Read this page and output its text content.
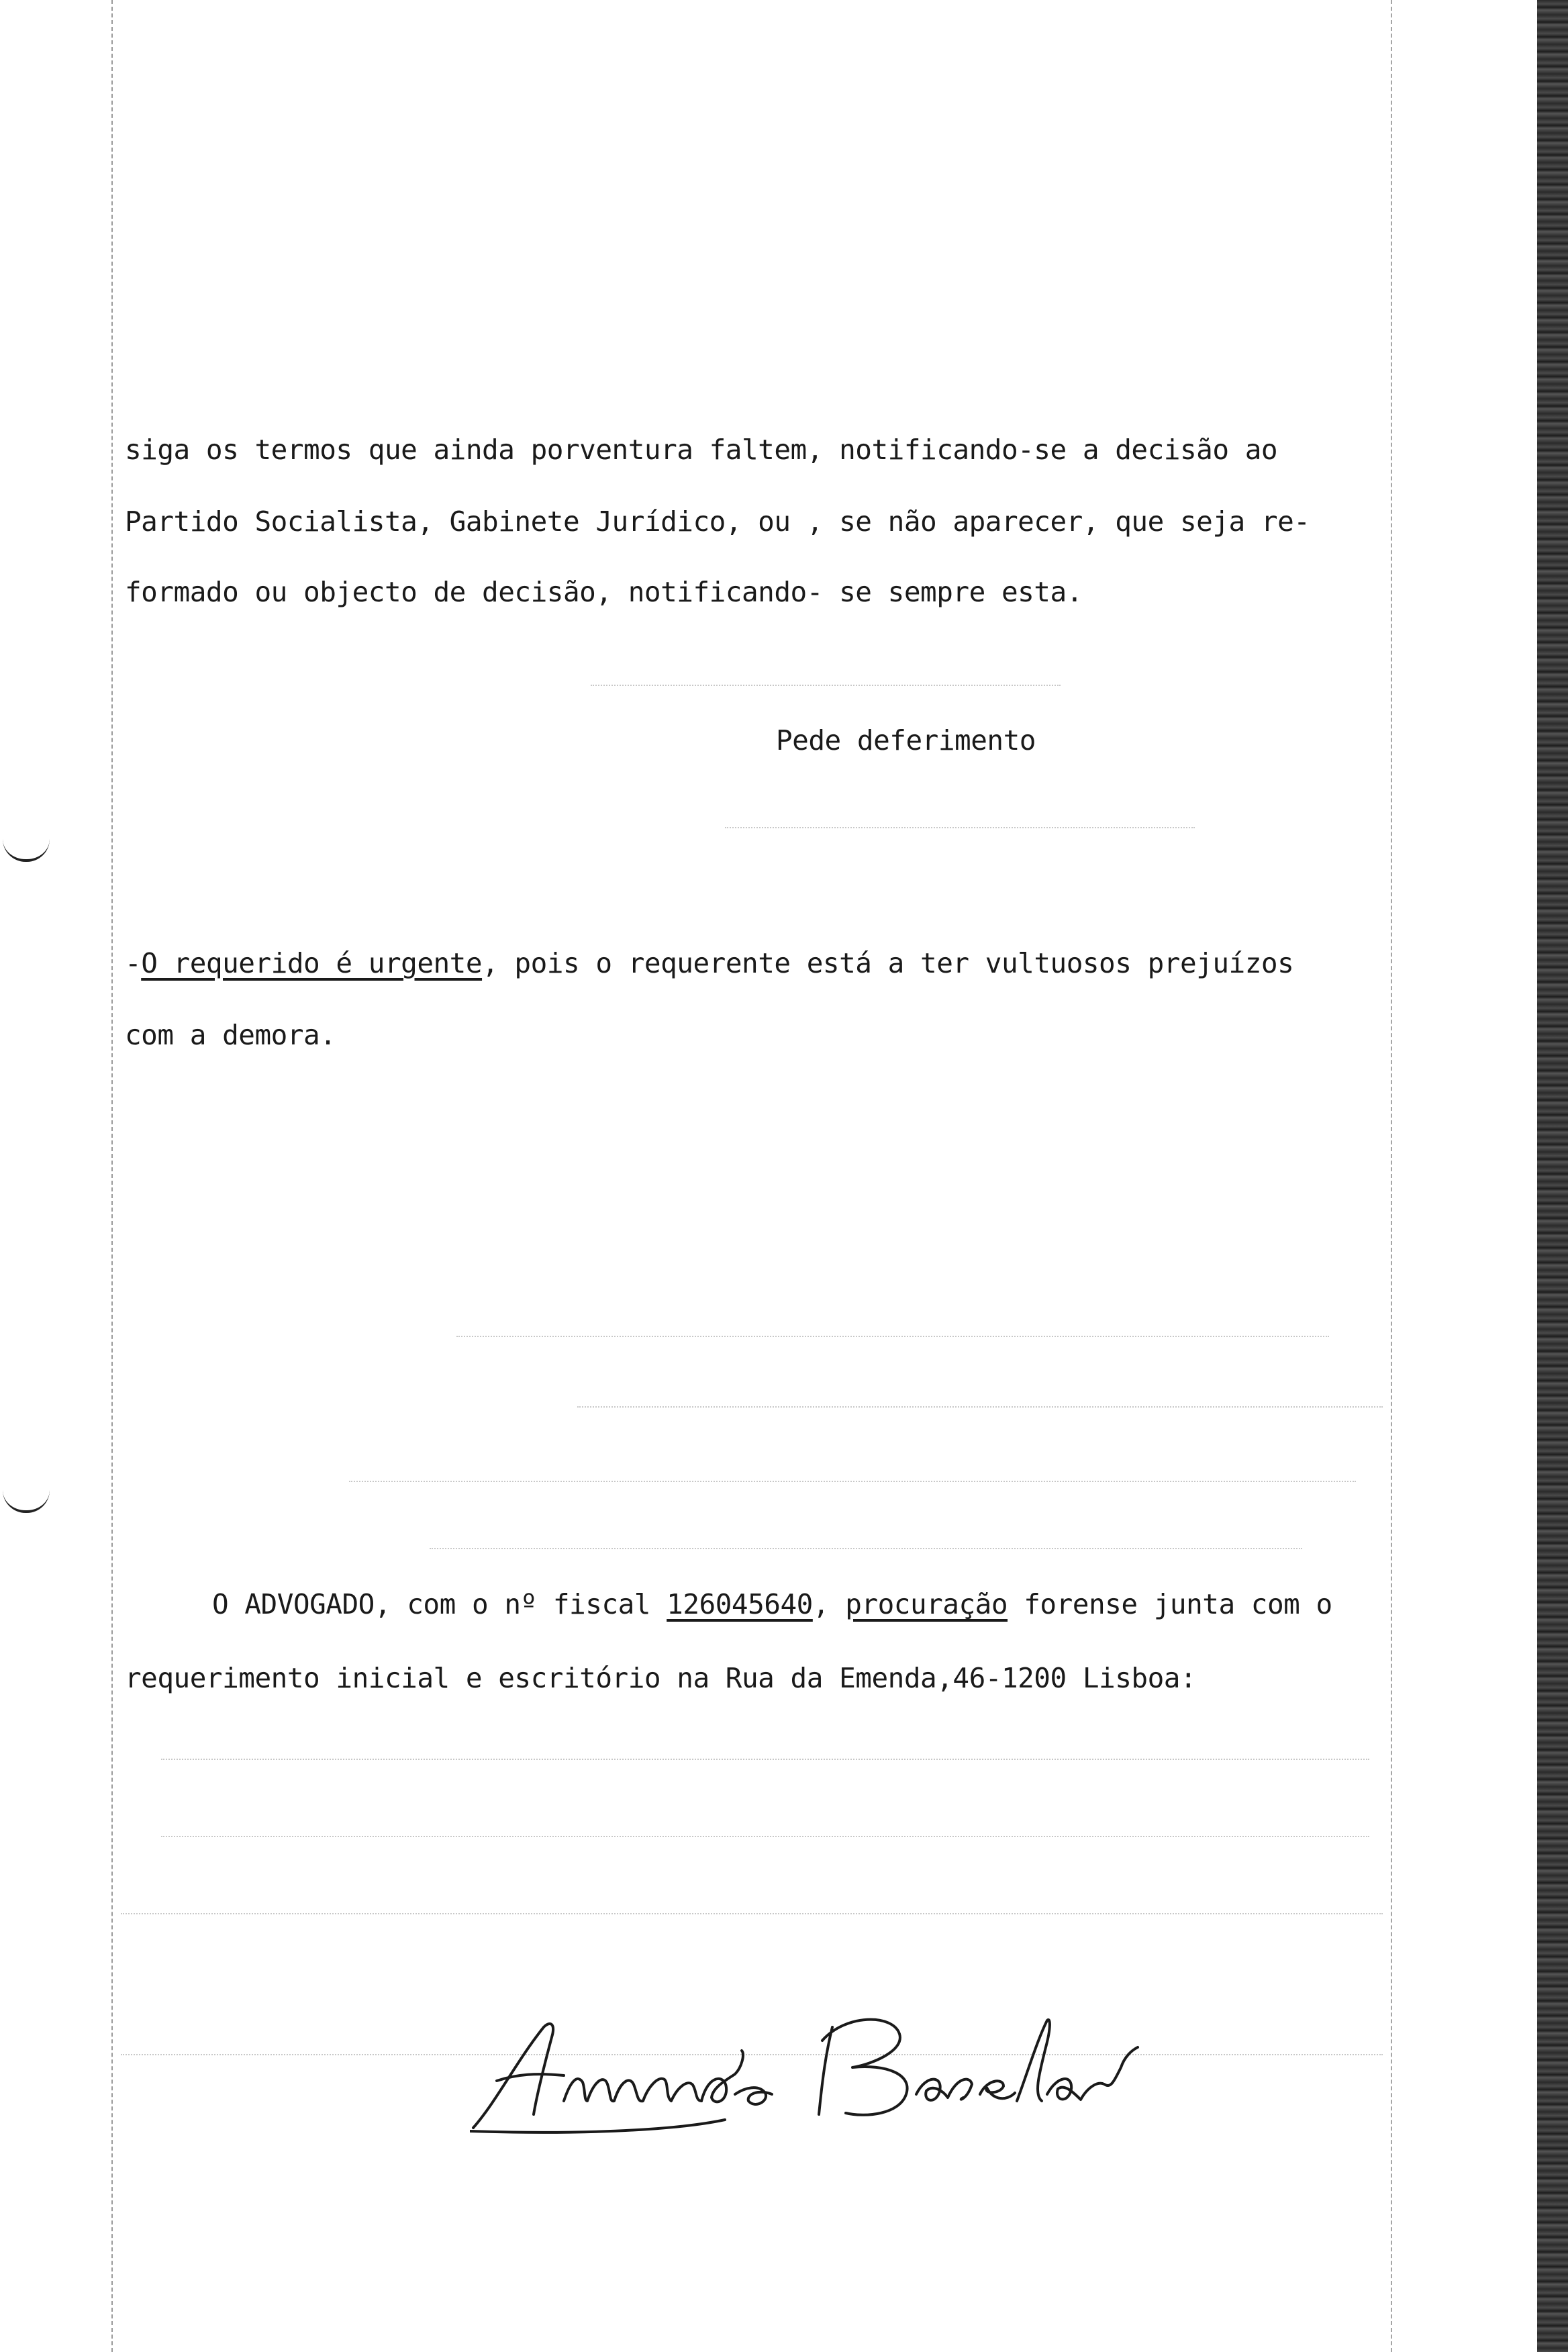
siga os termos que ainda porventura faltem, notificando-se a decisão ao
Partido Socialista, Gabinete Jurídico, ou , se não aparecer, que seja re-
formado ou objecto de decisão, notificando- se sempre esta.
Pede deferimento
-O requerido é urgente, pois o requerente está a ter vultuosos prejuízos
com a demora.
O ADVOGADO, com o nº fiscal 126045640, procuração forense junta com o
requerimento inicial e escritório na Rua da Emenda,46-1200 Lisboa:
